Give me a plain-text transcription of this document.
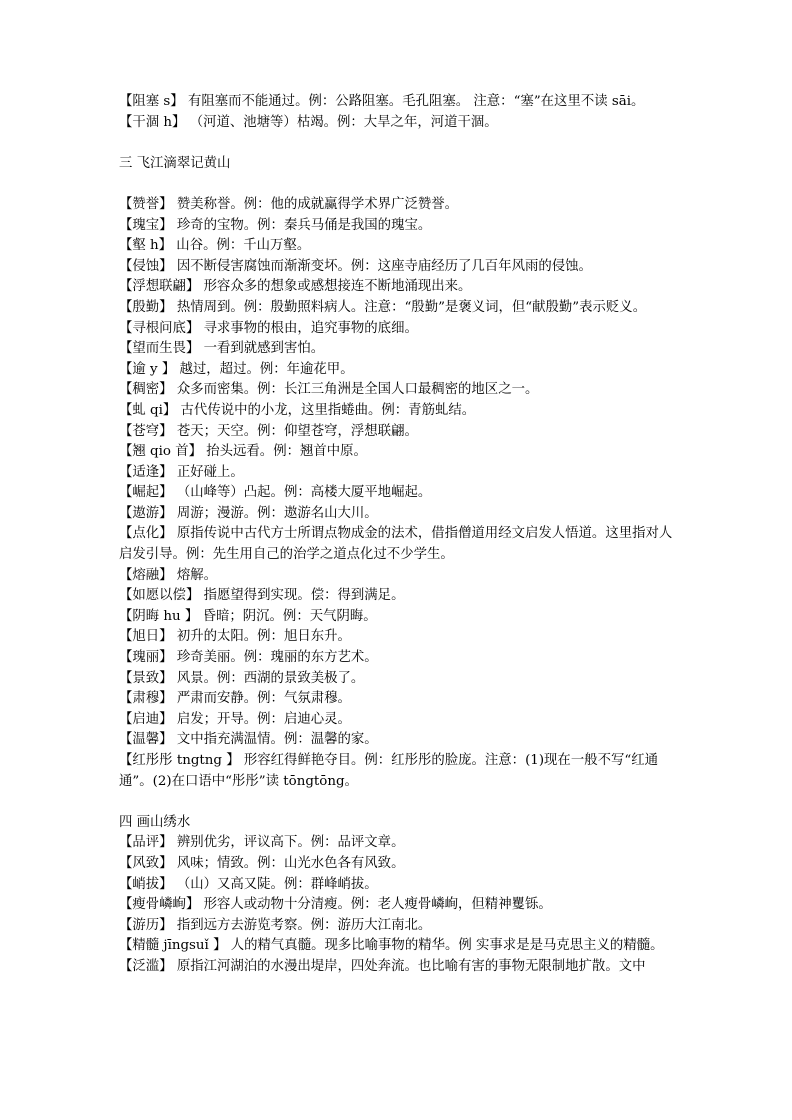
【阻塞 s】 有阻塞而不能通过。例：公路阻塞。毛孔阻塞。 注意：“塞”在这里不读 sāi。

【干涸 h】 （河道、池塘等）枯竭。例：大旱之年，河道干涸。

三 飞江滴翠记黄山

【赞誉】 赞美称誉。例：他的成就赢得学术界广泛赞誉。

【瑰宝】 珍奇的宝物。例：秦兵马俑是我国的瑰宝。

【壑 h】 山谷。例：千山万壑。

【侵蚀】 因不断侵害腐蚀而渐渐变坏。例：这座寺庙经历了几百年风雨的侵蚀。

【浮想联翩】 形容众多的想象或感想接连不断地涌现出来。

【殷勤】 热情周到。例：殷勤照料病人。注意：“殷勤”是褒义词，但“献殷勤”表示贬义。

【寻根问底】 寻求事物的根由，追究事物的底细。

【望而生畏】 一看到就感到害怕。

【逾 y 】 越过，超过。例：年逾花甲。

【稠密】 众多而密集。例：长江三角洲是全国人口最稠密的地区之一。

【虬 qi】 古代传说中的小龙，这里指蜷曲。例：青筋虬结。

【苍穹】 苍天；天空。例：仰望苍穹，浮想联翩。

【翘 qio 首】 抬头远看。例：翘首中原。

【适逢】 正好碰上。

【崛起】 （山峰等）凸起。例：高楼大厦平地崛起。

【遨游】 周游；漫游。例：遨游名山大川。

【点化】 原指传说中古代方士所谓点物成金的法术，借指僧道用经文启发人悟道。这里指对人启发引导。例：先生用自己的治学之道点化过不少学生。

【熔融】 熔解。

【如愿以偿】 指愿望得到实现。偿：得到满足。

【阴晦 hu 】 昏暗；阴沉。例：天气阴晦。

【旭日】 初升的太阳。例：旭日东升。

【瑰丽】 珍奇美丽。例：瑰丽的东方艺术。

【景致】 风景。例：西湖的景致美极了。

【肃穆】 严肃而安静。例：气氛肃穆。

【启迪】 启发；开导。例：启迪心灵。

【温馨】 文中指充满温情。例：温馨的家。

【红彤彤 tngtng 】 形容红得鲜艳夺目。例：红彤彤的脸庞。注意：(1)现在一般不写“红通通”。(2)在口语中“彤彤”读 tōngtōng。

四 画山绣水

【品评】 辨别优劣，评议高下。例：品评文章。

【风致】 风味；情致。例：山光水色各有风致。

【峭拔】 （山）又高又陡。例：群峰峭拔。

【瘦骨嶙峋】 形容人或动物十分清瘦。例：老人瘦骨嶙峋，但精神矍铄。

【游历】 指到远方去游览考察。例：游历大江南北。

【精髓 jīngsuǐ 】 人的精气真髓。现多比喻事物的精华。例 实事求是是马克思主义的精髓。

【泛滥】 原指江河湖泊的水漫出堤岸，四处奔流。也比喻有害的事物无限制地扩散。文中
